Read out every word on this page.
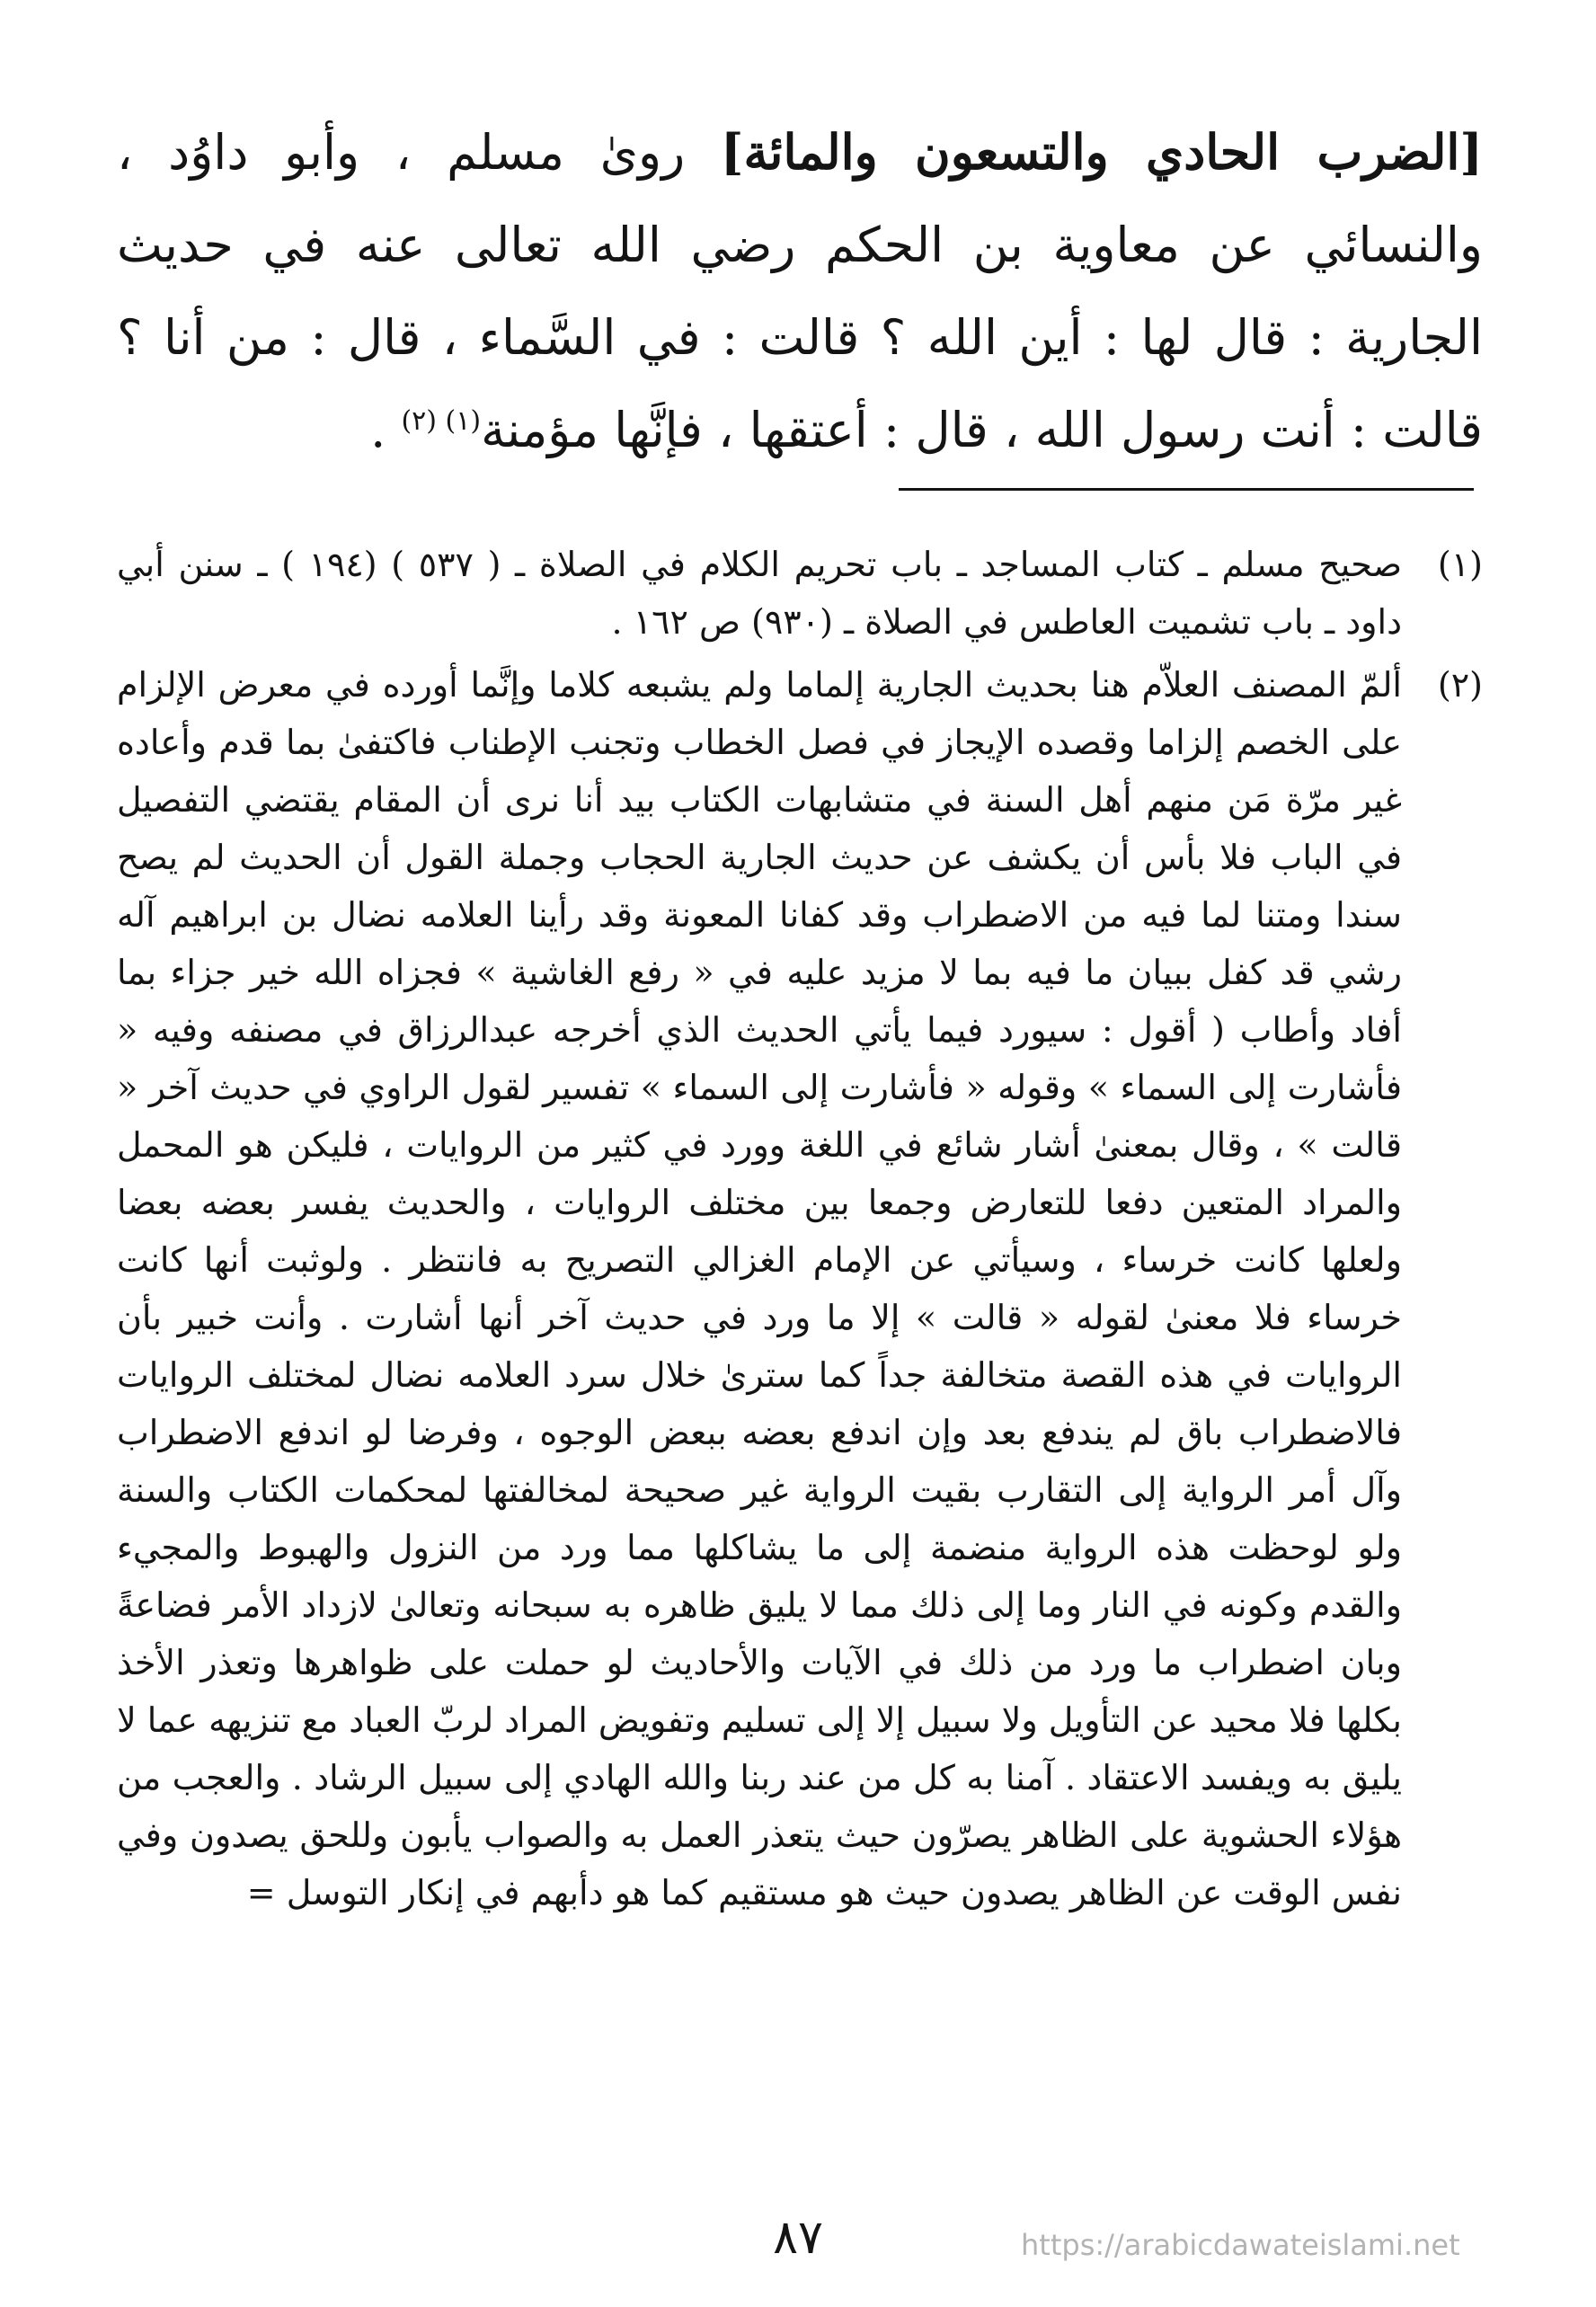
[الضرب الحادي والتسعون والمائة] روىٰ مسلم ، وأبو داوُد ، والنسائي عن معاوية بن الحكم رضي الله تعالى عنه في حديث الجارية : قال لها : أين الله ؟ قالت : في السَّماء ، قال : من أنا ؟ قالت : أنت رسول الله ، قال : أعتقها ، فإنَّها مؤمنة$^{(١) (٢)}$ .
(١)
صحيح مسلم ـ كتاب المساجد ـ باب تحريم الكلام في الصلاة ـ ( ٥٣٧ ) (١٩٤ ) ـ سنن أبي داود ـ باب تشميت العاطس في الصلاة ـ (٩٣٠) ص ١٦٢ .
(٢)
ألمّ المصنف العلاّم هنا بحديث الجارية إلماما ولم يشبعه كلاما وإنَّما أورده في معرض الإلزام على الخصم إلزاما وقصده الإيجاز في فصل الخطاب وتجنب الإطناب فاكتفىٰ بما قدم وأعاده غير مرّة مَن منهم أهل السنة في متشابهات الكتاب بيد أنا نرى أن المقام يقتضي التفصيل في الباب فلا بأس أن يكشف عن حديث الجارية الحجاب وجملة القول أن الحديث لم يصح سندا ومتنا لما فيه من الاضطراب وقد كفانا المعونة وقد رأينا العلامه نضال بن ابراهيم آله رشي قد كفل ببيان ما فيه بما لا مزيد عليه في « رفع الغاشية » فجزاه الله خير جزاء بما أفاد وأطاب ( أقول : سيورد فيما يأتي الحديث الذي أخرجه عبدالرزاق في مصنفه وفيه « فأشارت إلى السماء » وقوله « فأشارت إلى السماء » تفسير لقول الراوي في حديث آخر « قالت » ، وقال بمعنىٰ أشار شائع في اللغة وورد في كثير من الروايات ، فليكن هو المحمل والمراد المتعين دفعا للتعارض وجمعا بين مختلف الروايات ، والحديث يفسر بعضه بعضا ولعلها كانت خرساء ، وسيأتي عن الإمام الغزالي التصريح به فانتظر . ولوثبت أنها كانت خرساء فلا معنىٰ لقوله « قالت » إلا ما ورد في حديث آخر أنها أشارت . وأنت خبير بأن الروايات في هذه القصة متخالفة جداً كما سترىٰ خلال سرد العلامه نضال لمختلف الروايات فالاضطراب باق لم يندفع بعد وإن اندفع بعضه ببعض الوجوه ، وفرضا لو اندفع الاضطراب وآل أمر الرواية إلى التقارب بقيت الرواية غير صحيحة لمخالفتها لمحكمات الكتاب والسنة ولو لوحظت هذه الرواية منضمة إلى ما يشاكلها مما ورد من النزول والهبوط والمجيء والقدم وكونه في النار وما إلى ذلك مما لا يليق ظاهره به سبحانه وتعالىٰ لازداد الأمر فضاعةً وبان اضطراب ما ورد من ذلك في الآيات والأحاديث لو حملت على ظواهرها وتعذر الأخذ بكلها فلا محيد عن التأويل ولا سبيل إلا إلى تسليم وتفويض المراد لربّ العباد مع تنزيهه عما لا يليق به ويفسد الاعتقاد . آمنا به كل من عند ربنا والله الهادي إلى سبيل الرشاد . والعجب من هؤلاء الحشوية على الظاهر يصرّون حيث يتعذر العمل به والصواب يأبون وللحق يصدون وفي نفس الوقت عن الظاهر يصدون حيث هو مستقيم كما هو دأبهم في إنكار التوسل =
٨٧	https://arabicdawateislami.net
